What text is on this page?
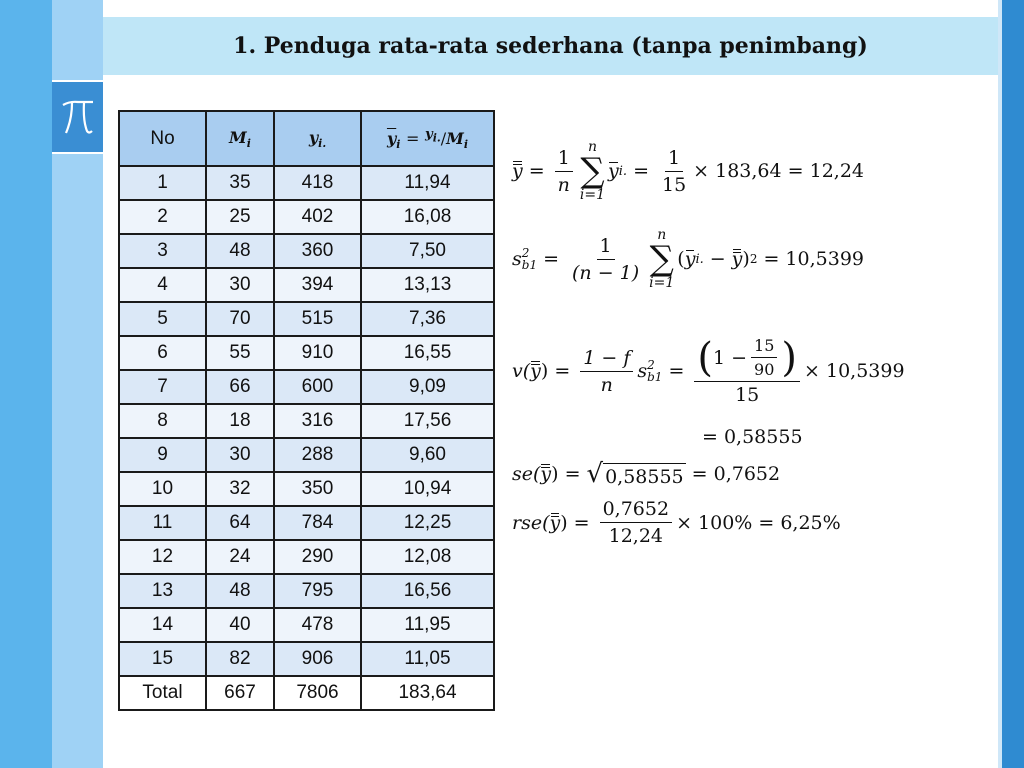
1. Penduga rata-rata sederhana (tanpa penimbang)
No	$M_i$	$y_{i.}$	$\overline{y}_i = ^{y_{i.}}/M_i$
1	35	418	11,94
2	25	402	16,08
3	48	360	7,50
4	30	394	13,13
5	70	515	7,36
6	55	910	16,55
7	66	600	9,09
8	18	316	17,56
9	30	288	9,60
10	32	350	10,94
11	64	784	12,25
12	24	290	12,08
13	48	795	16,56
14	40	478	11,95
15	82	906	11,05
Total	667	7806	183,64
$y = \frac{1}{n}$ n
∑
i=1
y i. = $\frac{1}{15} \times 183,64 = 12,24$
s 2
$b1 = \frac{1}{(n - 1)}$ n
∑
i=1
( y i. − y ) 2 = 10,5399
v( y ) = $\frac{1 - f}{n}$ s 2
$b1 = \frac{( 1 - \frac{15}{90} )}{15} \times 10,5399$
= 0,58555
se( y ) = √ 0,58555 = 0,7652
rse( y ) = $\frac{0,7652}{12,24} \times 100\% = 6,25\%$
